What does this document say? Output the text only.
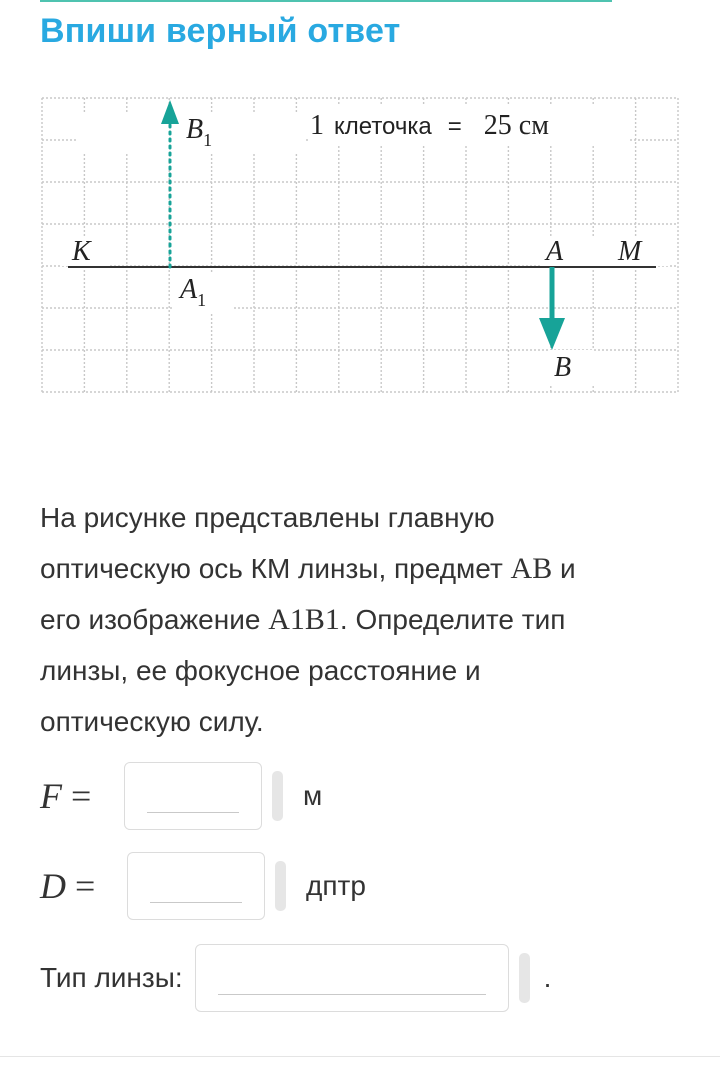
Впиши верный ответ
$B_1$	1 клеточка = 25 см
K	A M
$A_1$
B
На рисунке представлены главную
оптическую ось КМ линзы, предмет AB и
его изображение A1B1. Определите тип
линзы, ее фокусное расстояние и
оптическую силу.
F =	м
D =	дптр
Тип линзы:	.
